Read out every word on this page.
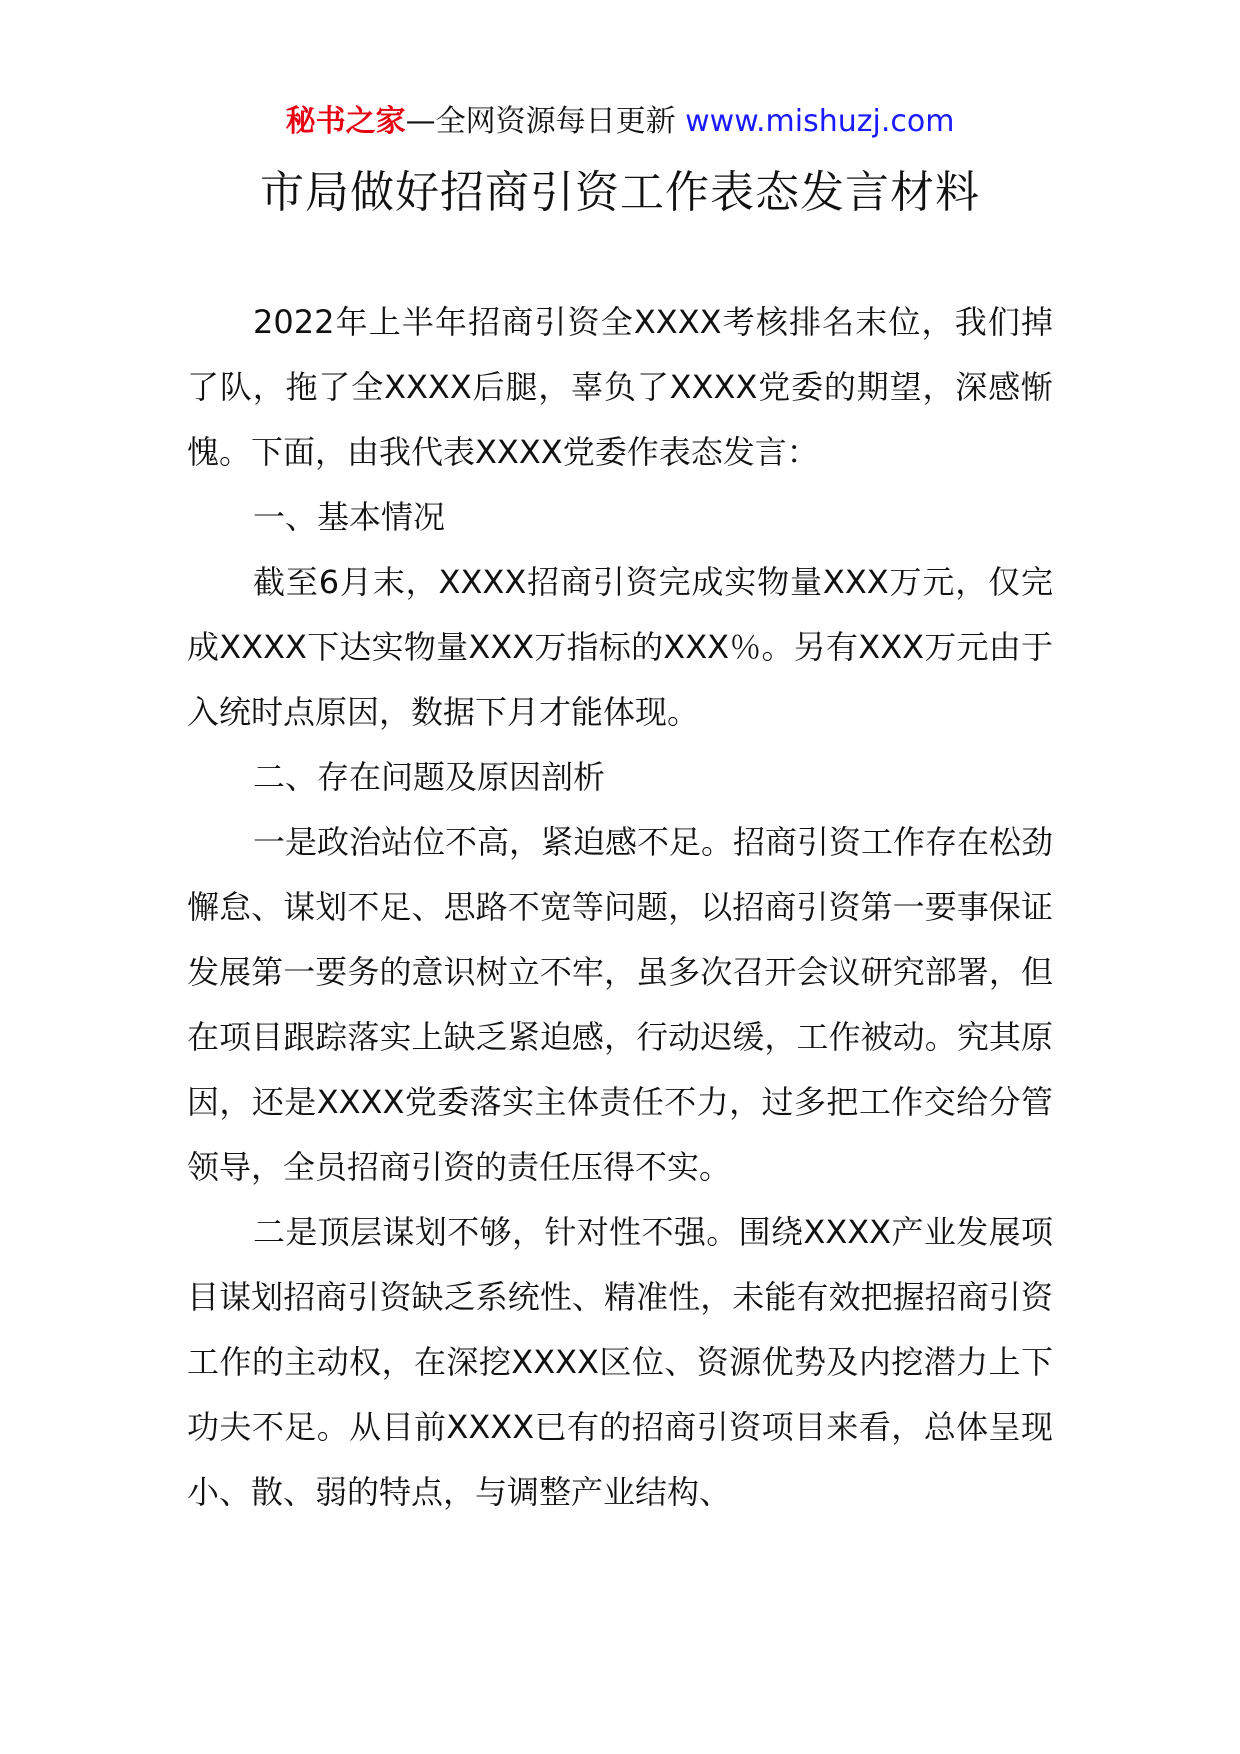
秘书之家—全网资源每日更新 www.mishuzj.com
市局做好招商引资工作表态发言材料

2022年上半年招商引资全XXXX考核排名末位，我们掉了队，拖了全XXXX后腿，辜负了XXXX党委的期望，深感惭愧。下面，由我代表XXXX党委作表态发言：

一、基本情况

截至6月末，XXXX招商引资完成实物量XXX万元，仅完成XXXX下达实物量XXX万指标的XXX％。另有XXX万元由于入统时点原因，数据下月才能体现。

二、存在问题及原因剖析

一是政治站位不高，紧迫感不足。招商引资工作存在松劲懈怠、谋划不足、思路不宽等问题，以招商引资第一要事保证发展第一要务的意识树立不牢，虽多次召开会议研究部署，但在项目跟踪落实上缺乏紧迫感，行动迟缓，工作被动。究其原因，还是XXXX党委落实主体责任不力，过多把工作交给分管领导，全员招商引资的责任压得不实。

二是顶层谋划不够，针对性不强。围绕XXXX产业发展项目谋划招商引资缺乏系统性、精准性，未能有效把握招商引资工作的主动权，在深挖XXXX区位、资源优势及内挖潜力上下功夫不足。从目前XXXX已有的招商引资项目来看，总体呈现小、散、弱的特点，与调整产业结构、
